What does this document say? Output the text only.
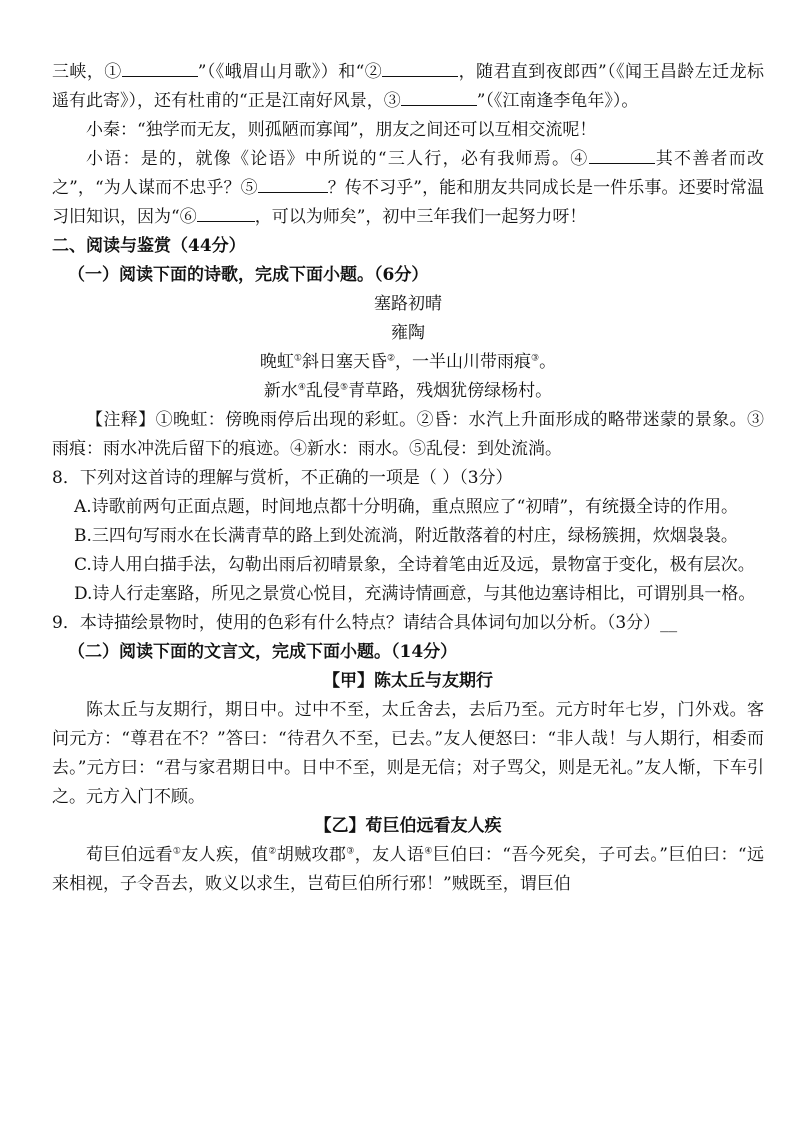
三峡，①	”（《峨眉山月歌》）和“②	，随君直到夜郎西”（《闻王昌龄左迁龙标遥有此寄》），还有杜甫的“正是江南好风景，③	”（《江南逢李龟年》）。

小秦：“独学而无友，则孤陋而寡闻”，朋友之间还可以互相交流呢！

小语：是的，就像《论语》中所说的“三人行，必有我师焉。④	其不善者而改之”，“为人谋而不忠乎？⑤	？传不习乎”，能和朋友共同成长是一件乐事。还要时常温习旧知识，因为“⑥	，可以为师矣”，初中三年我们一起努力呀！

二、阅读与鉴赏（44分）

（一）阅读下面的诗歌，完成下面小题。（6分）

塞路初晴

雍陶

晚虹①斜日塞天昏②，一半山川带雨痕③。

新水④乱侵⑤青草路，残烟犹傍绿杨村。

【注释】①晚虹：傍晚雨停后出现的彩虹。②昏：水汽上升面形成的略带迷蒙的景象。③雨痕：雨水冲洗后留下的痕迹。④新水：雨水。⑤乱侵：到处流淌。

8．下列对这首诗的理解与赏析，不正确的一项是（ ）（3分）

A.诗歌前两句正面点题，时间地点都十分明确，重点照应了“初晴”，有统摄全诗的作用。

B.三四句写雨水在长满青草的路上到处流淌，附近散落着的村庄，绿杨簇拥，炊烟袅袅。

C.诗人用白描手法，勾勒出雨后初晴景象，全诗着笔由近及远，景物富于变化，极有层次。

D.诗人行走塞路，所见之景赏心悦目，充满诗情画意，与其他边塞诗相比，可谓别具一格。

9．本诗描绘景物时，使用的色彩有什么特点？请结合具体词句加以分析。（3分）__

（二）阅读下面的文言文，完成下面小题。（14分）

【甲】陈太丘与友期行

陈太丘与友期行，期日中。过中不至，太丘舍去，去后乃至。元方时年七岁，门外戏。客问元方：“尊君在不？”答曰：“待君久不至，已去。”友人便怒曰：“非人哉！与人期行，相委而去。”元方曰：“君与家君期日中。日中不至，则是无信；对子骂父，则是无礼。”友人惭，下车引之。元方入门不顾。

【乙】荀巨伯远看友人疾

荀巨伯远看①友人疾，值②胡贼攻郡③，友人语④巨伯曰：“吾今死矣，子可去。”巨伯曰：“远来相视，子令吾去，败义以求生，岂荀巨伯所行邪！”贼既至，谓巨伯
